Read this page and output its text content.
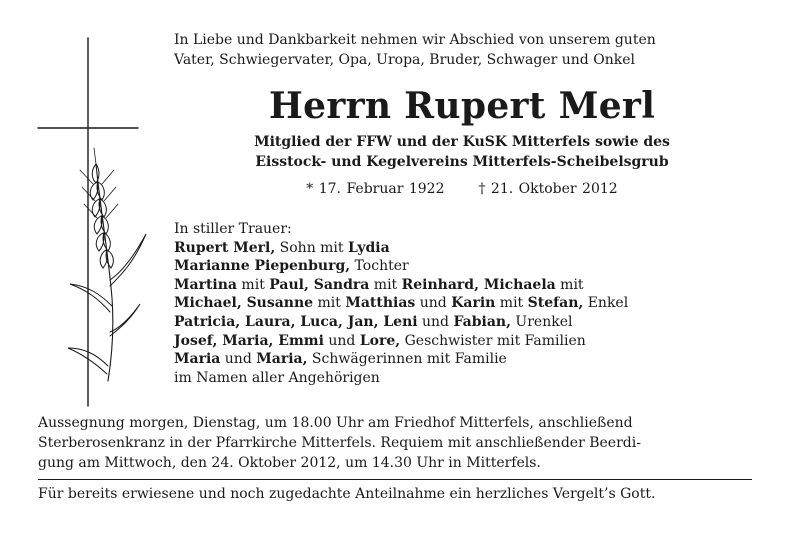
In Liebe und Dankbarkeit nehmen wir Abschied von unserem guten
Vater, Schwiegervater, Opa, Uropa, Bruder, Schwager und Onkel
Herrn Rupert Merl
Mitglied der FFW und der KuSK Mitterfels sowie des
Eisstock- und Kegelvereins Mitterfels-Scheibelsgrub
* 17. Februar 1922 † 21. Oktober 2012
In stiller Trauer:
Rupert Merl, Sohn mit Lydia
Marianne Piepenburg, Tochter
Martina mit Paul, Sandra mit Reinhard, Michaela mit
Michael, Susanne mit Matthias und Karin mit Stefan, Enkel
Patricia, Laura, Luca, Jan, Leni und Fabian, Urenkel
Josef, Maria, Emmi und Lore, Geschwister mit Familien
Maria und Maria, Schwägerinnen mit Familie
im Namen aller Angehörigen
Aussegnung morgen, Dienstag, um 18.00 Uhr am Friedhof Mitterfels, anschließend
Sterberosenkranz in der Pfarrkirche Mitterfels. Requiem mit anschließender Beerdi-
gung am Mittwoch, den 24. Oktober 2012, um 14.30 Uhr in Mitterfels.
Für bereits erwiesene und noch zugedachte Anteilnahme ein herzliches Vergelt’s Gott.
